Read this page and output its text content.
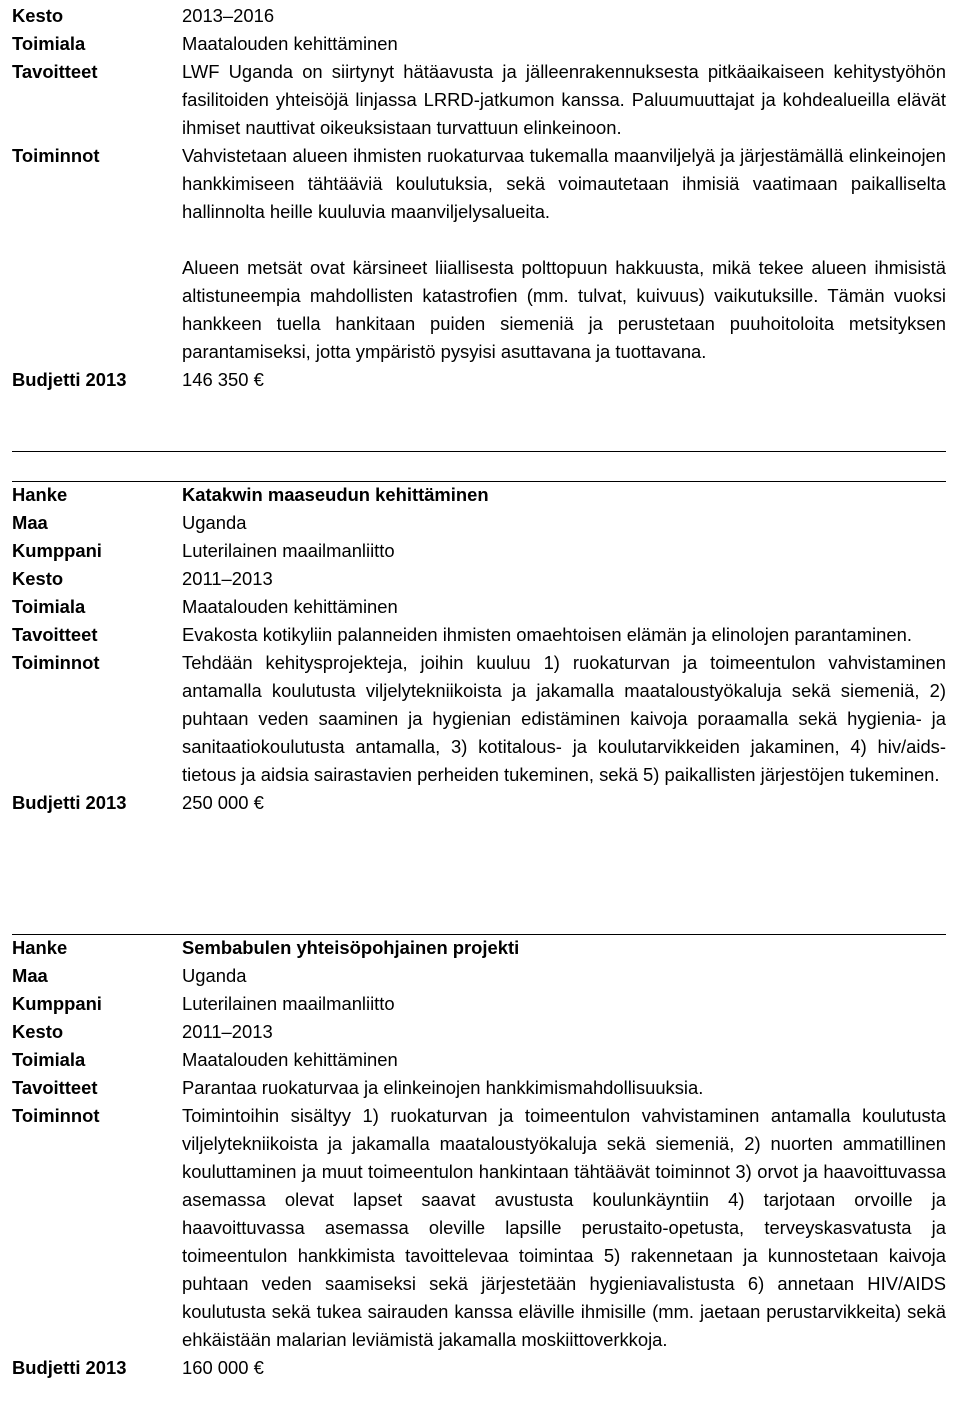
Kesto	2013–2016
Toimiala	Maatalouden kehittäminen
Tavoitteet	LWF Uganda on siirtynyt hätäavusta ja jälleenrakennuksesta pitkäaikaiseen kehitystyöhön fasilitoiden yhteisöjä linjassa LRRD-jatkumon kanssa. Paluumuuttajat ja kohdealueilla elävät ihmiset nauttivat oikeuksistaan turvattuun elinkeinoon.
Toiminnot	Vahvistetaan alueen ihmisten ruokaturvaa tukemalla maanviljelyä ja järjestämällä elinkeinojen hankkimiseen tähtääviä koulutuksia, sekä voimautetaan ihmisiä vaatimaan paikalliselta hallinnolta heille kuuluvia maanviljelysalueita.

Alueen metsät ovat kärsineet liiallisesta polttopuun hakkuusta, mikä tekee alueen ihmisistä altistuneempia mahdollisten katastrofien (mm. tulvat, kuivuus) vaikutuksille. Tämän vuoksi hankkeen tuella hankitaan puiden siemeniä ja perustetaan puuhoitoloita metsityksen parantamiseksi, jotta ympäristö pysyisi asuttavana ja tuottavana.

Budjetti 2013	146 350 €
Hanke	Katakwin maaseudun kehittäminen
Maa	Uganda
Kumppani	Luterilainen maailmanliitto
Kesto	2011–2013
Toimiala	Maatalouden kehittäminen
Tavoitteet	Evakosta kotikyliin palanneiden ihmisten omaehtoisen elämän ja elinolojen parantaminen.
Toiminnot	Tehdään kehitysprojekteja, joihin kuuluu 1) ruokaturvan ja toimeentulon vahvistaminen antamalla koulutusta viljelytekniikoista ja jakamalla maataloustyökaluja sekä siemeniä, 2) puhtaan veden saaminen ja hygienian edistäminen kaivoja poraamalla sekä hygienia- ja sanitaatiokoulutusta antamalla, 3) kotitalous- ja koulutarvikkeiden jakaminen, 4) hiv/aids-tietous ja aidsia sairastavien perheiden tukeminen, sekä 5) paikallisten järjestöjen tukeminen.
Budjetti 2013	250 000 €
Hanke	Sembabulen yhteisöpohjainen projekti
Maa	Uganda
Kumppani	Luterilainen maailmanliitto
Kesto	2011–2013
Toimiala	Maatalouden kehittäminen
Tavoitteet	Parantaa ruokaturvaa ja elinkeinojen hankkimismahdollisuuksia.
Toiminnot	Toimintoihin sisältyy 1) ruokaturvan ja toimeentulon vahvistaminen antamalla koulutusta viljelytekniikoista ja jakamalla maataloustyökaluja sekä siemeniä, 2) nuorten ammatillinen kouluttaminen ja muut toimeentulon hankintaan tähtäävät toiminnot 3) orvot ja haavoittuvassa asemassa olevat lapset saavat avustusta koulunkäyntiin 4) tarjotaan orvoille ja haavoittuvassa asemassa oleville lapsille perustaito-opetusta, terveyskasvatusta ja toimeentulon hankkimista tavoittelevaa toimintaa 5) rakennetaan ja kunnostetaan kaivoja puhtaan veden saamiseksi sekä järjestetään hygieniavalistusta 6) annetaan HIV/AIDS koulutusta sekä tukea sairauden kanssa eläville ihmisille (mm. jaetaan perustarvikkeita) sekä ehkäistään malarian leviämistä jakamalla moskiittoverkkoja.
Budjetti 2013	160 000 €
